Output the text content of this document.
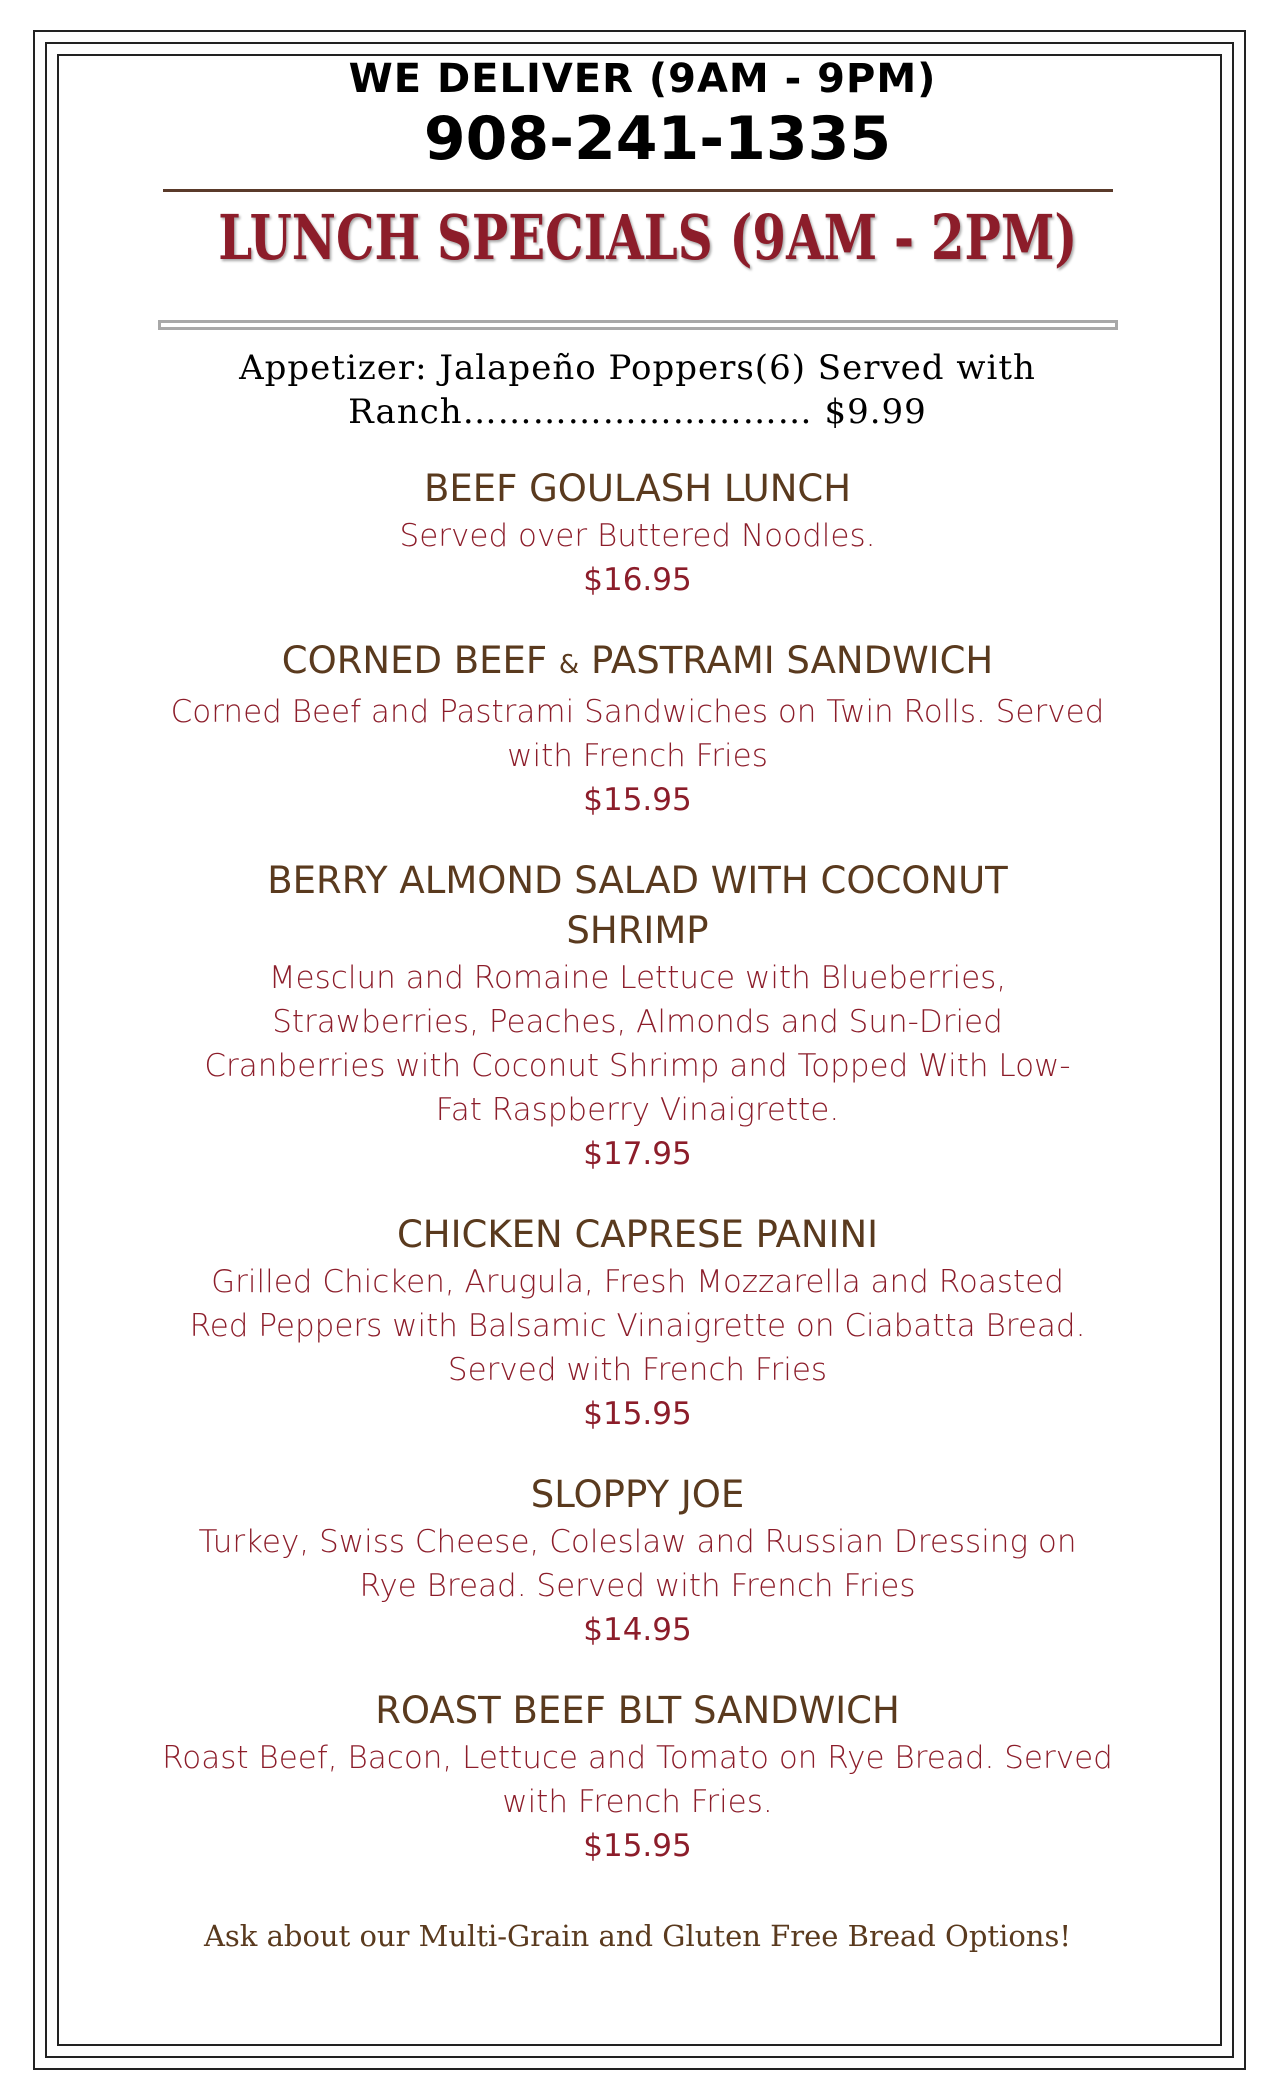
WE DELIVER (9AM - 9PM)

908-241-1335

LUNCH SPECIALS (9AM - 2PM)

Appetizer: Jalapeño Poppers(6) Served with Ranch………………………… $9.99

BEEF GOULASH LUNCH

Served over Buttered Noodles.

$16.95

CORNED BEEF & PASTRAMI SANDWICH

Corned Beef and Pastrami Sandwiches on Twin Rolls. Served with French Fries

$15.95

BERRY ALMOND SALAD WITH COCONUT SHRIMP

Mesclun and Romaine Lettuce with Blueberries, Strawberries, Peaches, Almonds and Sun-Dried Cranberries with Coconut Shrimp and Topped With Low-Fat Raspberry Vinaigrette.

$17.95

CHICKEN CAPRESE PANINI

Grilled Chicken, Arugula, Fresh Mozzarella and Roasted Red Peppers with Balsamic Vinaigrette on Ciabatta Bread. Served with French Fries

$15.95

SLOPPY JOE

Turkey, Swiss Cheese, Coleslaw and Russian Dressing on Rye Bread. Served with French Fries

$14.95

ROAST BEEF BLT SANDWICH

Roast Beef, Bacon, Lettuce and Tomato on Rye Bread. Served with French Fries.

$15.95

Ask about our Multi-Grain and Gluten Free Bread Options!
